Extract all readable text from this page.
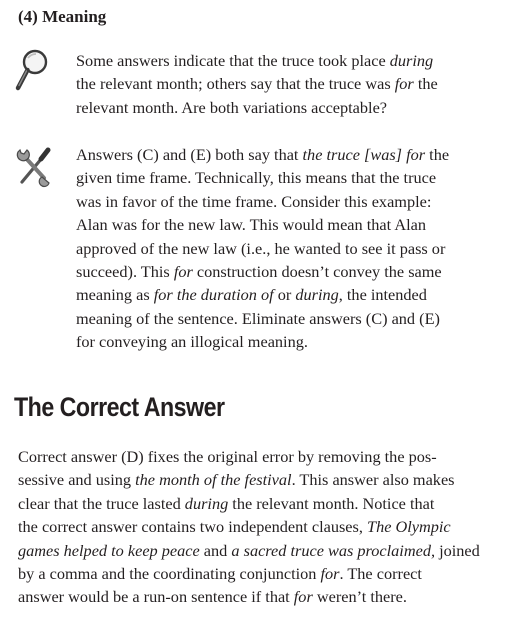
(4) Meaning

Some answers indicate that the truce took place during
the relevant month; others say that the truce was for the
relevant month. Are both variations acceptable?

Answers (C) and (E) both say that the truce [was] for the
given time frame. Technically, this means that the truce
was in favor of the time frame. Consider this example:
Alan was for the new law. This would mean that Alan
approved of the new law (i.e., he wanted to see it pass or
succeed). This for construction doesn’t convey the same
meaning as for the duration of or during, the intended
meaning of the sentence. Eliminate answers (C) and (E)
for conveying an illogical meaning.

The Correct Answer

Correct answer (D) fixes the original error by removing the pos-
sessive and using the month of the festival. This answer also makes
clear that the truce lasted during the relevant month. Notice that
the correct answer contains two independent clauses, The Olympic
games helped to keep peace and a sacred truce was proclaimed, joined
by a comma and the coordinating conjunction for. The correct
answer would be a run-on sentence if that for weren’t there.
